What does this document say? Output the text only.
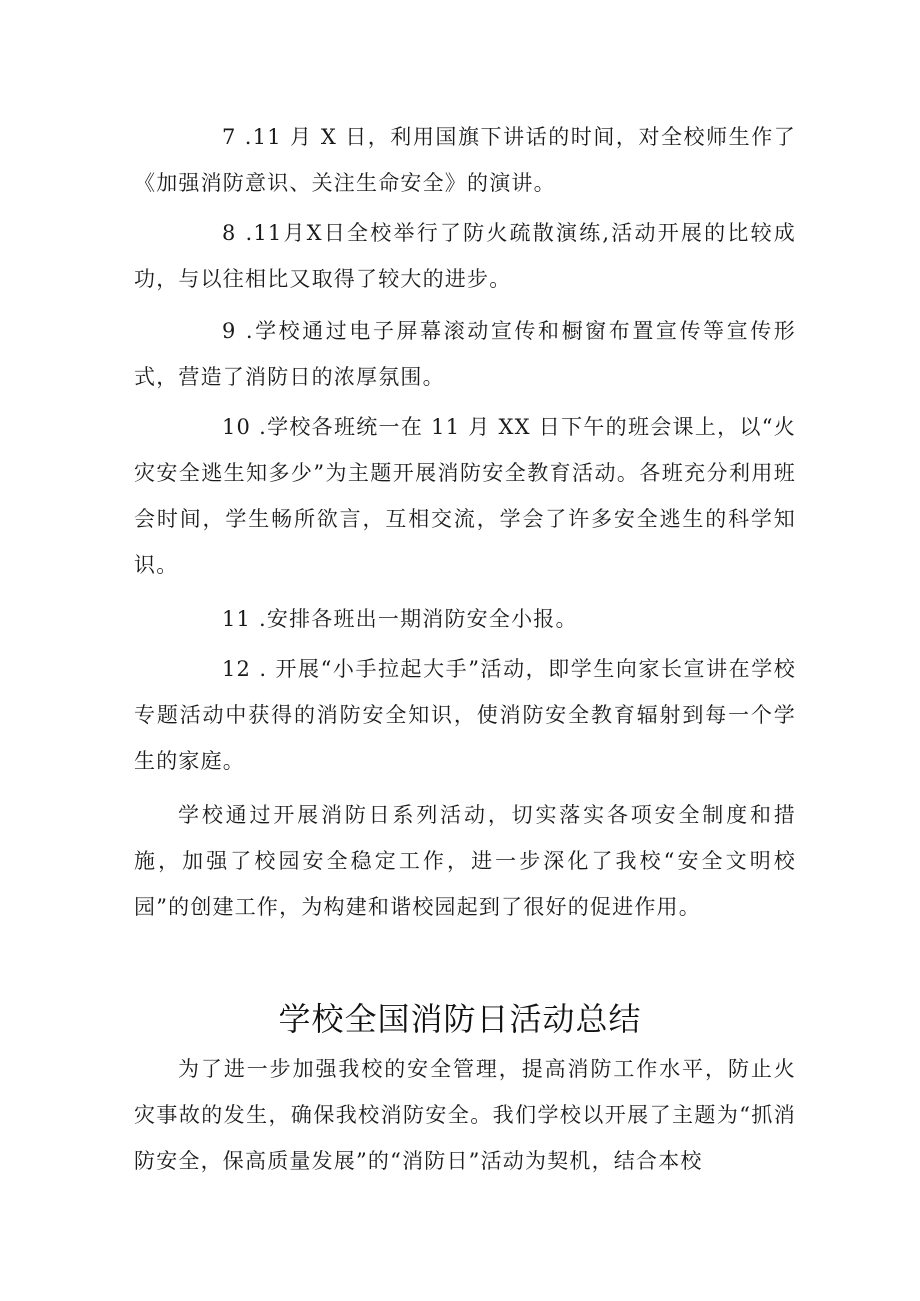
7 .11 月 X 日，利用国旗下讲话的时间，对全校师生作了《加强消防意识、关注生命安全》的演讲。

8 .11月X日全校举行了防火疏散演练,活动开展的比较成功，与以往相比又取得了较大的进步。

9 .学校通过电子屏幕滚动宣传和橱窗布置宣传等宣传形式，营造了消防日的浓厚氛围。

10 .学校各班统一在 11 月 XX 日下午的班会课上，以“火灾安全逃生知多少”为主题开展消防安全教育活动。各班充分利用班会时间，学生畅所欲言，互相交流，学会了许多安全逃生的科学知识。

11 .安排各班出一期消防安全小报。

12 . 开展“小手拉起大手”活动，即学生向家长宣讲在学校专题活动中获得的消防安全知识，使消防安全教育辐射到每一个学生的家庭。

学校通过开展消防日系列活动，切实落实各项安全制度和措施，加强了校园安全稳定工作，进一步深化了我校“安全文明校园”的创建工作，为构建和谐校园起到了很好的促进作用。

学校全国消防日活动总结

为了进一步加强我校的安全管理，提高消防工作水平，防止火灾事故的发生，确保我校消防安全。我们学校以开展了主题为“抓消防安全，保高质量发展”的“消防日”活动为契机，结合本校
